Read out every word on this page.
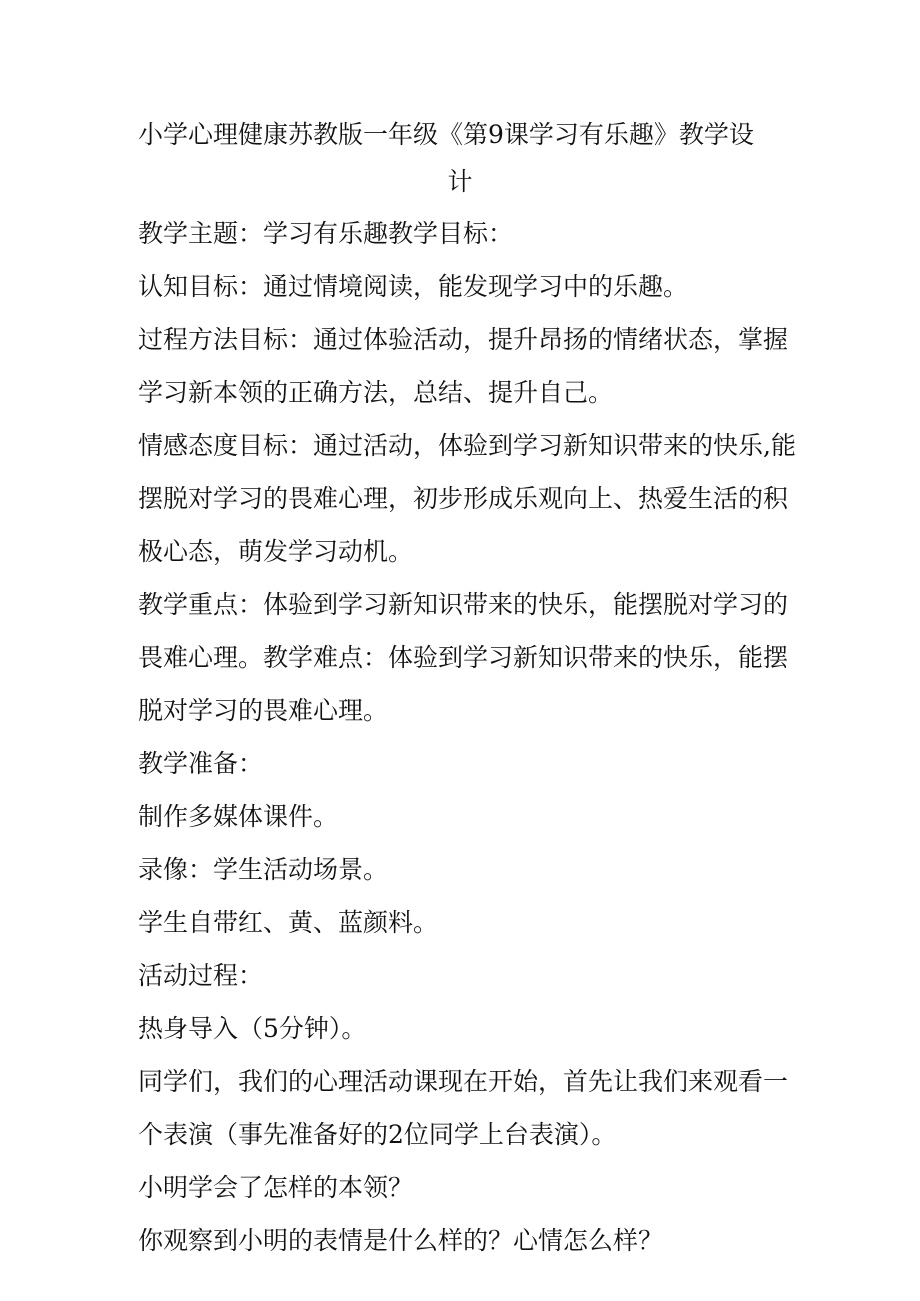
小学心理健康苏教版一年级《第9课学习有乐趣》教学设
计
教学主题：学习有乐趣教学目标：
认知目标：通过情境阅读，能发现学习中的乐趣。
过程方法目标：通过体验活动，提升昂扬的情绪状态，掌握
学习新本领的正确方法，总结、提升自己。
情感态度目标：通过活动，体验到学习新知识带来的快乐,能
摆脱对学习的畏难心理，初步形成乐观向上、热爱生活的积
极心态，萌发学习动机。
教学重点：体验到学习新知识带来的快乐，能摆脱对学习的
畏难心理。教学难点：体验到学习新知识带来的快乐，能摆
脱对学习的畏难心理。
教学准备：
制作多媒体课件。
录像：学生活动场景。
学生自带红、黄、蓝颜料。
活动过程：
热身导入（5分钟）。
同学们，我们的心理活动课现在开始，首先让我们来观看一
个表演（事先准备好的2位同学上台表演）。
小明学会了怎样的本领？
你观察到小明的表情是什么样的？心情怎么样？
